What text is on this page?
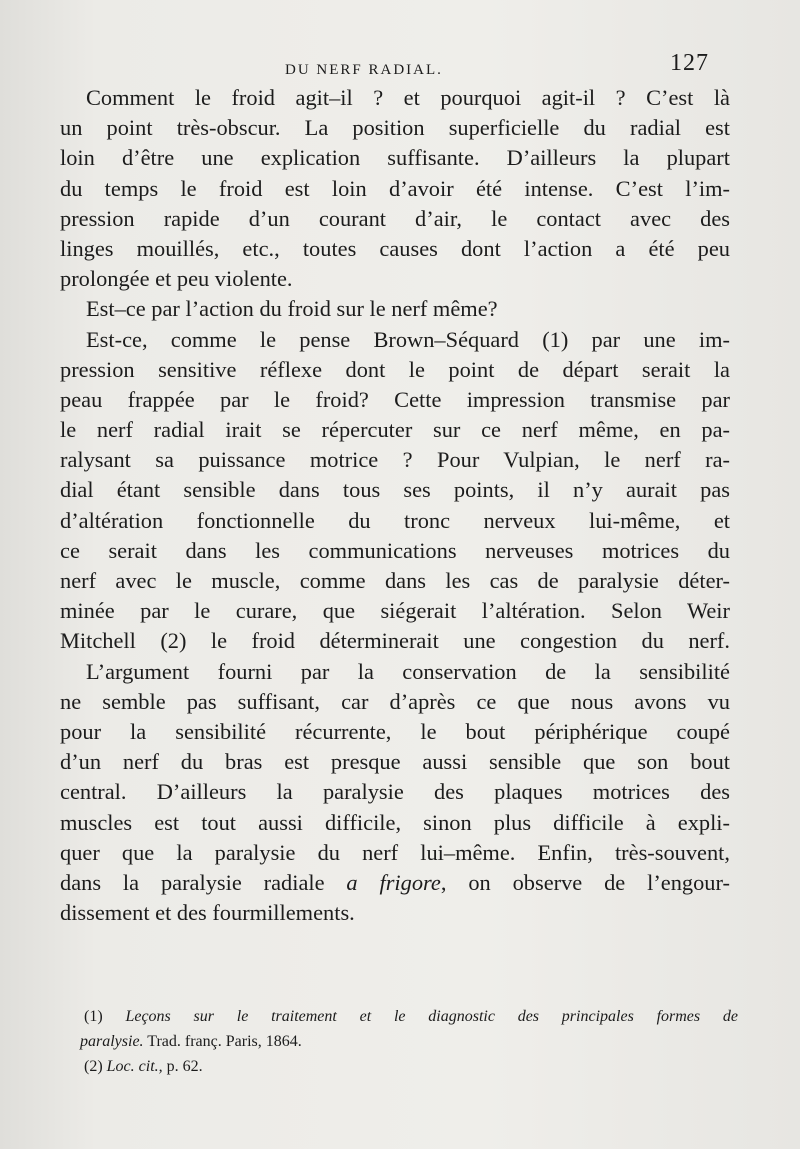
DU NERF RADIAL.	127
Comment le froid agit–il ? et pourquoi agit-il ? C’est là
un point très-obscur. La position superficielle du radial est
loin d’être une explication suffisante. D’ailleurs la plupart
du temps le froid est loin d’avoir été intense. C’est l’im-
pression rapide d’un courant d’air, le contact avec des
linges mouillés, etc., toutes causes dont l’action a été peu
prolongée et peu violente.
Est–ce par l’action du froid sur le nerf même?
Est-ce, comme le pense Brown–Séquard (1) par une im-
pression sensitive réflexe dont le point de départ serait la
peau frappée par le froid? Cette impression transmise par
le nerf radial irait se répercuter sur ce nerf même, en pa-
ralysant sa puissance motrice ? Pour Vulpian, le nerf ra-
dial étant sensible dans tous ses points, il n’y aurait pas
d’altération fonctionnelle du tronc nerveux lui-même, et
ce serait dans les communications nerveuses motrices du
nerf avec le muscle, comme dans les cas de paralysie déter-
minée par le curare, que siégerait l’altération. Selon Weir
Mitchell (2) le froid déterminerait une congestion du nerf.
L’argument fourni par la conservation de la sensibilité
ne semble pas suffisant, car d’après ce que nous avons vu
pour la sensibilité récurrente, le bout périphérique coupé
d’un nerf du bras est presque aussi sensible que son bout
central. D’ailleurs la paralysie des plaques motrices des
muscles est tout aussi difficile, sinon plus difficile à expli-
quer que la paralysie du nerf lui–même. Enfin, très-souvent,
dans la paralysie radiale a frigore, on observe de l’engour-
dissement et des fourmillements.
(1) Leçons sur le traitement et le diagnostic des principales formes de
paralysie. Trad. franç. Paris, 1864.
(2) Loc. cit., p. 62.
